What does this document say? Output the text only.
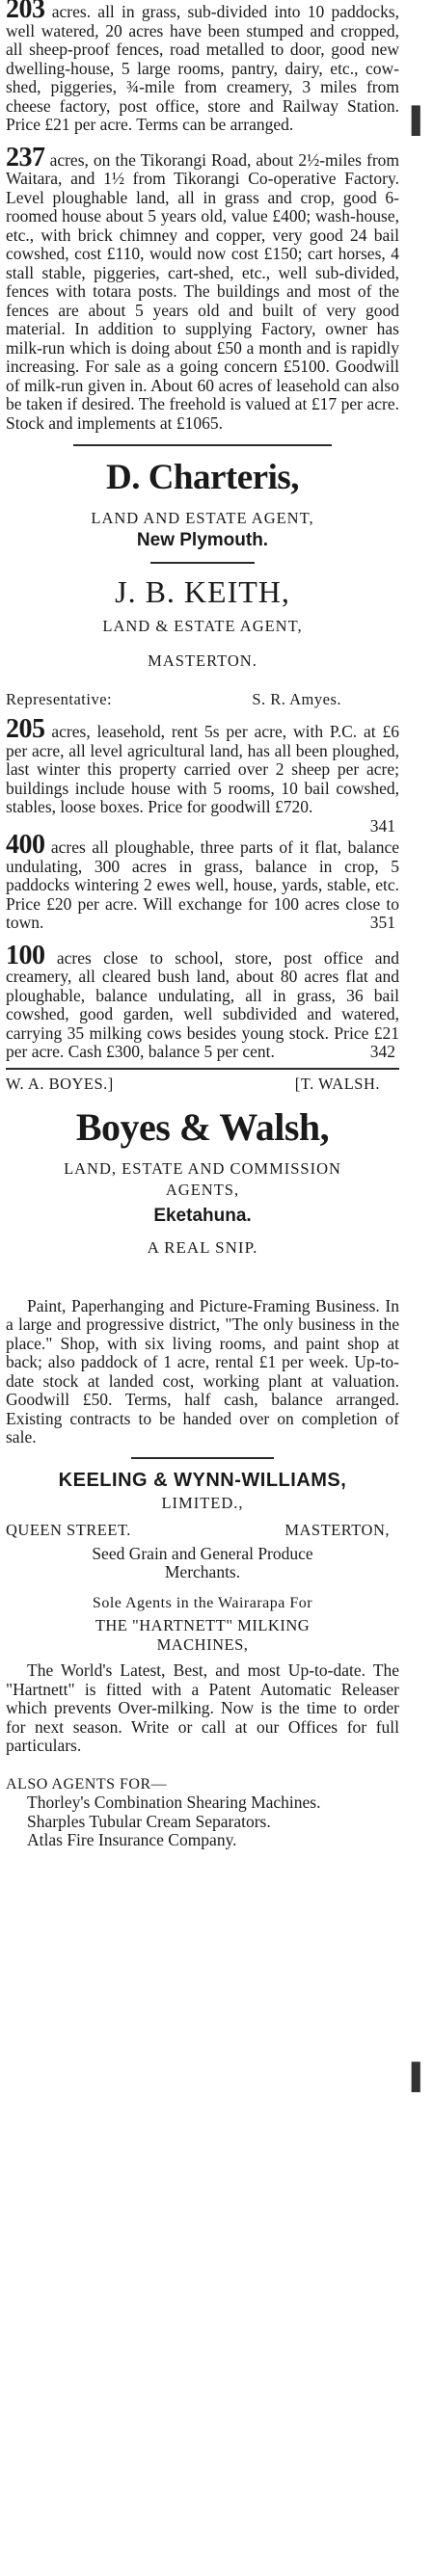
203 acres. all in grass, sub-divided into 10 paddocks, well watered, 20 acres have been stumped and cropped, all sheep-proof fences, road metalled to door, good new dwelling-house, 5 large rooms, pantry, dairy, etc., cow-shed, piggeries, ¾-mile from creamery, 3 miles from cheese factory, post office, store and Railway Station. Price £21 per acre. Terms can be arranged.

237 acres, on the Tikorangi Road, about 2½-miles from Waitara, and 1½ from Tikorangi Co-operative Factory. Level ploughable land, all in grass and crop, good 6-roomed house about 5 years old, value £400; wash-house, etc., with brick chimney and copper, very good 24 bail cowshed, cost £110, would now cost £150; cart horses, 4 stall stable, piggeries, cart-shed, etc., well sub-divided, fences with totara posts. The buildings and most of the fences are about 5 years old and built of very good material. In addition to supplying Factory, owner has milk-run which is doing about £50 a month and is rapidly increasing. For sale as a going concern £5100. Goodwill of milk-run given in. About 60 acres of leasehold can also be taken if desired. The freehold is valued at £17 per acre. Stock and implements at £1065.

D. Charteris,

LAND AND ESTATE AGENT,

New Plymouth.

J. B. KEITH,

LAND & ESTATE AGENT,

MASTERTON.

Representative:	S. R. Amyes.

205 acres, leasehold, rent 5s per acre, with P.C. at £6 per acre, all level agricultural land, has all been ploughed, last winter this property carried over 2 sheep per acre; buildings include house with 5 rooms, 10 bail cowshed, stables, loose boxes. Price for goodwill £720.

341

400 acres all ploughable, three parts of it flat, balance undulating, 300 acres in grass, balance in crop, 5 paddocks wintering 2 ewes well, house, yards, stable, etc. Price £20 per acre. Will exchange for 100 acres close to town.	351

100 acres close to school, store, post office and creamery, all cleared bush land, about 80 acres flat and ploughable, balance undulating, all in grass, 36 bail cowshed, good garden, well subdivided and watered, carrying 35 milking cows besides young stock. Price £21 per acre. Cash £300, balance 5 per cent.	342

W. A. BOYES.]	[T. WALSH.

Boyes & Walsh,

LAND, ESTATE AND COMMISSION

AGENTS,

Eketahuna.

A REAL SNIP.

Paint, Paperhanging and Picture-Framing Business. In a large and progressive district, "The only business in the place." Shop, with six living rooms, and paint shop at back; also paddock of 1 acre, rental £1 per week. Up-to-date stock at landed cost, working plant at valuation. Goodwill £50. Terms, half cash, balance arranged. Existing contracts to be handed over on completion of sale.

KEELING & WYNN-WILLIAMS,

LIMITED.,

QUEEN STREET.	MASTERTON,

Seed Grain and General Produce

Merchants.

Sole Agents in the Wairarapa For

THE "HARTNETT" MILKING

MACHINES,

The World's Latest, Best, and most Up-to-date. The "Hartnett" is fitted with a Patent Automatic Releaser which prevents Over-milking. Now is the time to order for next season. Write or call at our Offices for full particulars.

ALSO AGENTS FOR—

Thorley's Combination Shearing Machines.

Sharples Tubular Cream Separators.

Atlas Fire Insurance Company.

▌
▌
